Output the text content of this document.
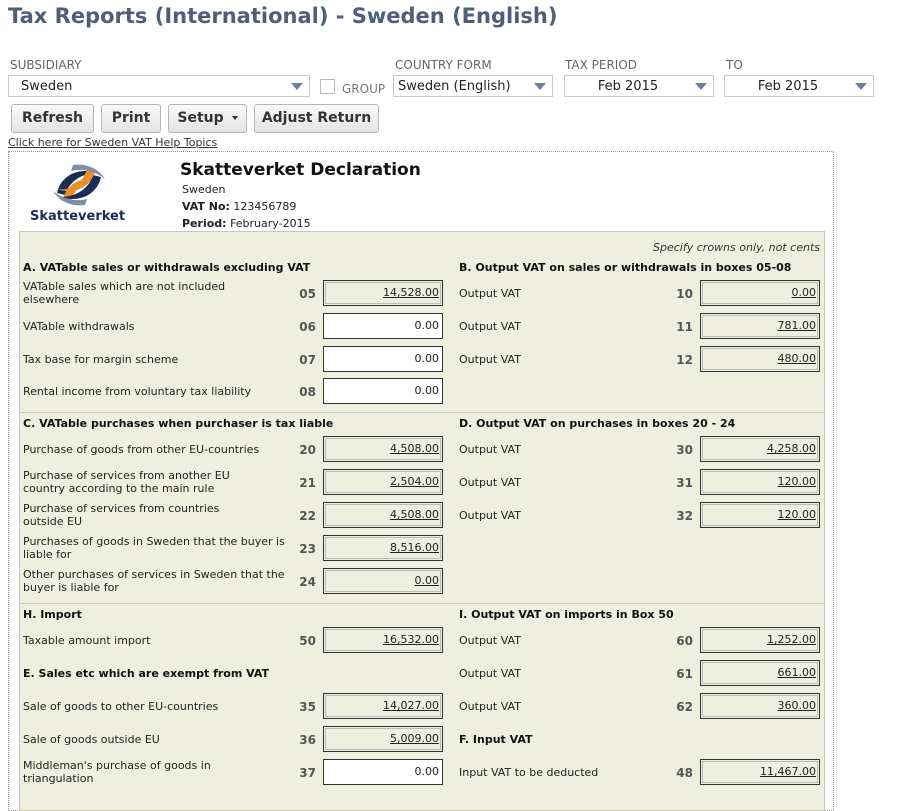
Tax Reports (International) - Sweden (English)
SUBSIDIARY
Sweden	GROUP
COUNTRY FORM
Sweden (English)
TAX PERIOD
Feb 2015
TO
Feb 2015
Refresh	Print	Setup	Adjust Return
Click here for Sweden VAT Help Topics
Skatteverket
Skatteverket Declaration
Sweden
VAT No: 123456789
Period: February-2015
Specify crowns only, not cents
A. VATable sales or withdrawals excluding VAT	B. Output VAT on sales or withdrawals in boxes 05-08
C. VATable purchases when purchaser is tax liable	D. Output VAT on purchases in boxes 20 - 24
H. Import	I. Output VAT on imports in Box 50
E. Sales etc which are exempt from VAT
F. Input VAT
VATable sales which are not included elsewhere	05	14,528.00
VATable withdrawals	06	0.00
Tax base for margin scheme	07	0.00
Rental income from voluntary tax liability	08	0.00
Purchase of goods from other EU-countries	20	4,508.00
Purchase of services from another EU country according to the main rule	21	2,504.00
Purchase of services from countries outside EU	22	4,508.00
Purchases of goods in Sweden that the buyer is liable for	23	8,516.00
Other purchases of services in Sweden that the buyer is liable for	24	0.00
Taxable amount import	50	16,532.00
Sale of goods to other EU-countries	35	14,027.00
Sale of goods outside EU	36	5,009.00
Middleman's purchase of goods in triangulation	37	0.00
Output VAT	10	0.00
Output VAT	11	781.00
Output VAT	12	480.00
Output VAT	30	4,258.00
Output VAT	31	120.00
Output VAT	32	120.00
Output VAT	60	1,252.00
Output VAT	61	661.00
Output VAT	62	360.00
Input VAT to be deducted	48	11,467.00
